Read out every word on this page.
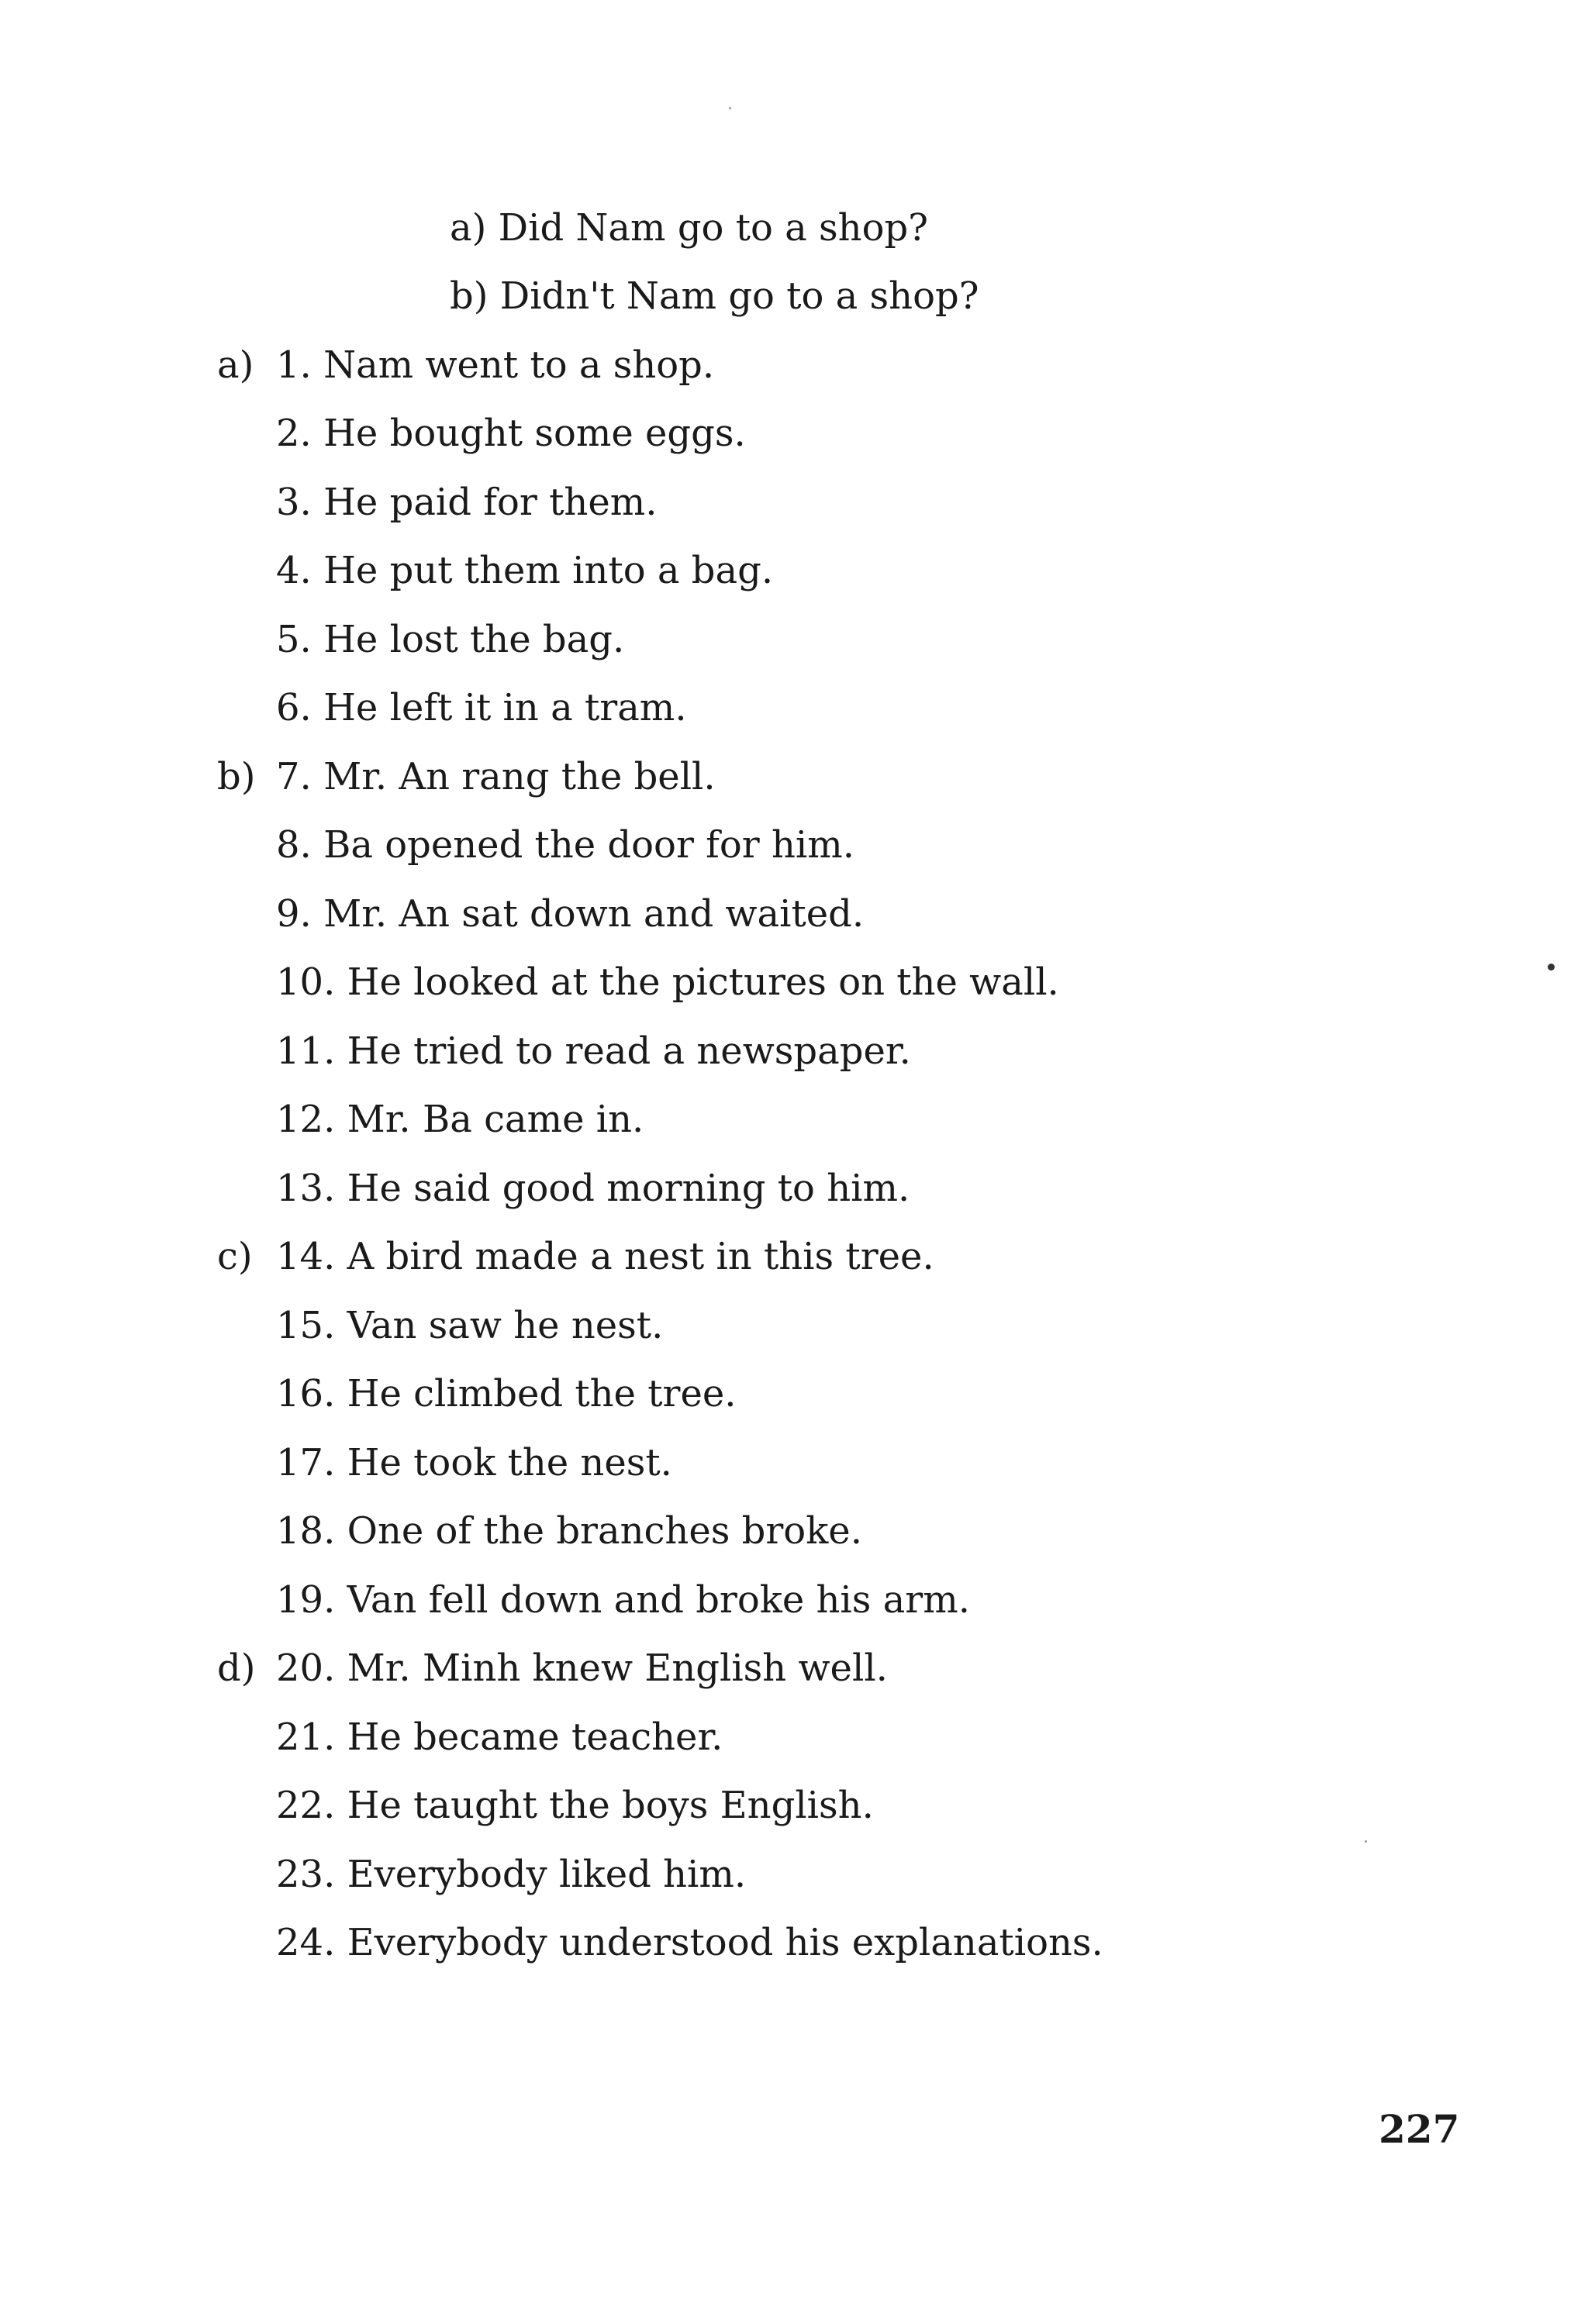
a) Did Nam go to a shop?
b) Didn't Nam go to a shop?
a) 1. Nam went to a shop.
2. He bought some eggs.
3. He paid for them.
4. He put them into a bag.
5. He lost the bag.
6. He left it in a tram.
b) 7. Mr. An rang the bell.
8. Ba opened the door for him.
9. Mr. An sat down and waited.
10. He looked at the pictures on the wall.
11. He tried to read a newspaper.
12. Mr. Ba came in.
13. He said good morning to him.
c) 14. A bird made a nest in this tree.
15. Van saw he nest.
16. He climbed the tree.
17. He took the nest.
18. One of the branches broke.
19. Van fell down and broke his arm.
d) 20. Mr. Minh knew English well.
21. He became teacher.
22. He taught the boys English.
23. Everybody liked him.
24. Everybody understood his explanations.
227
